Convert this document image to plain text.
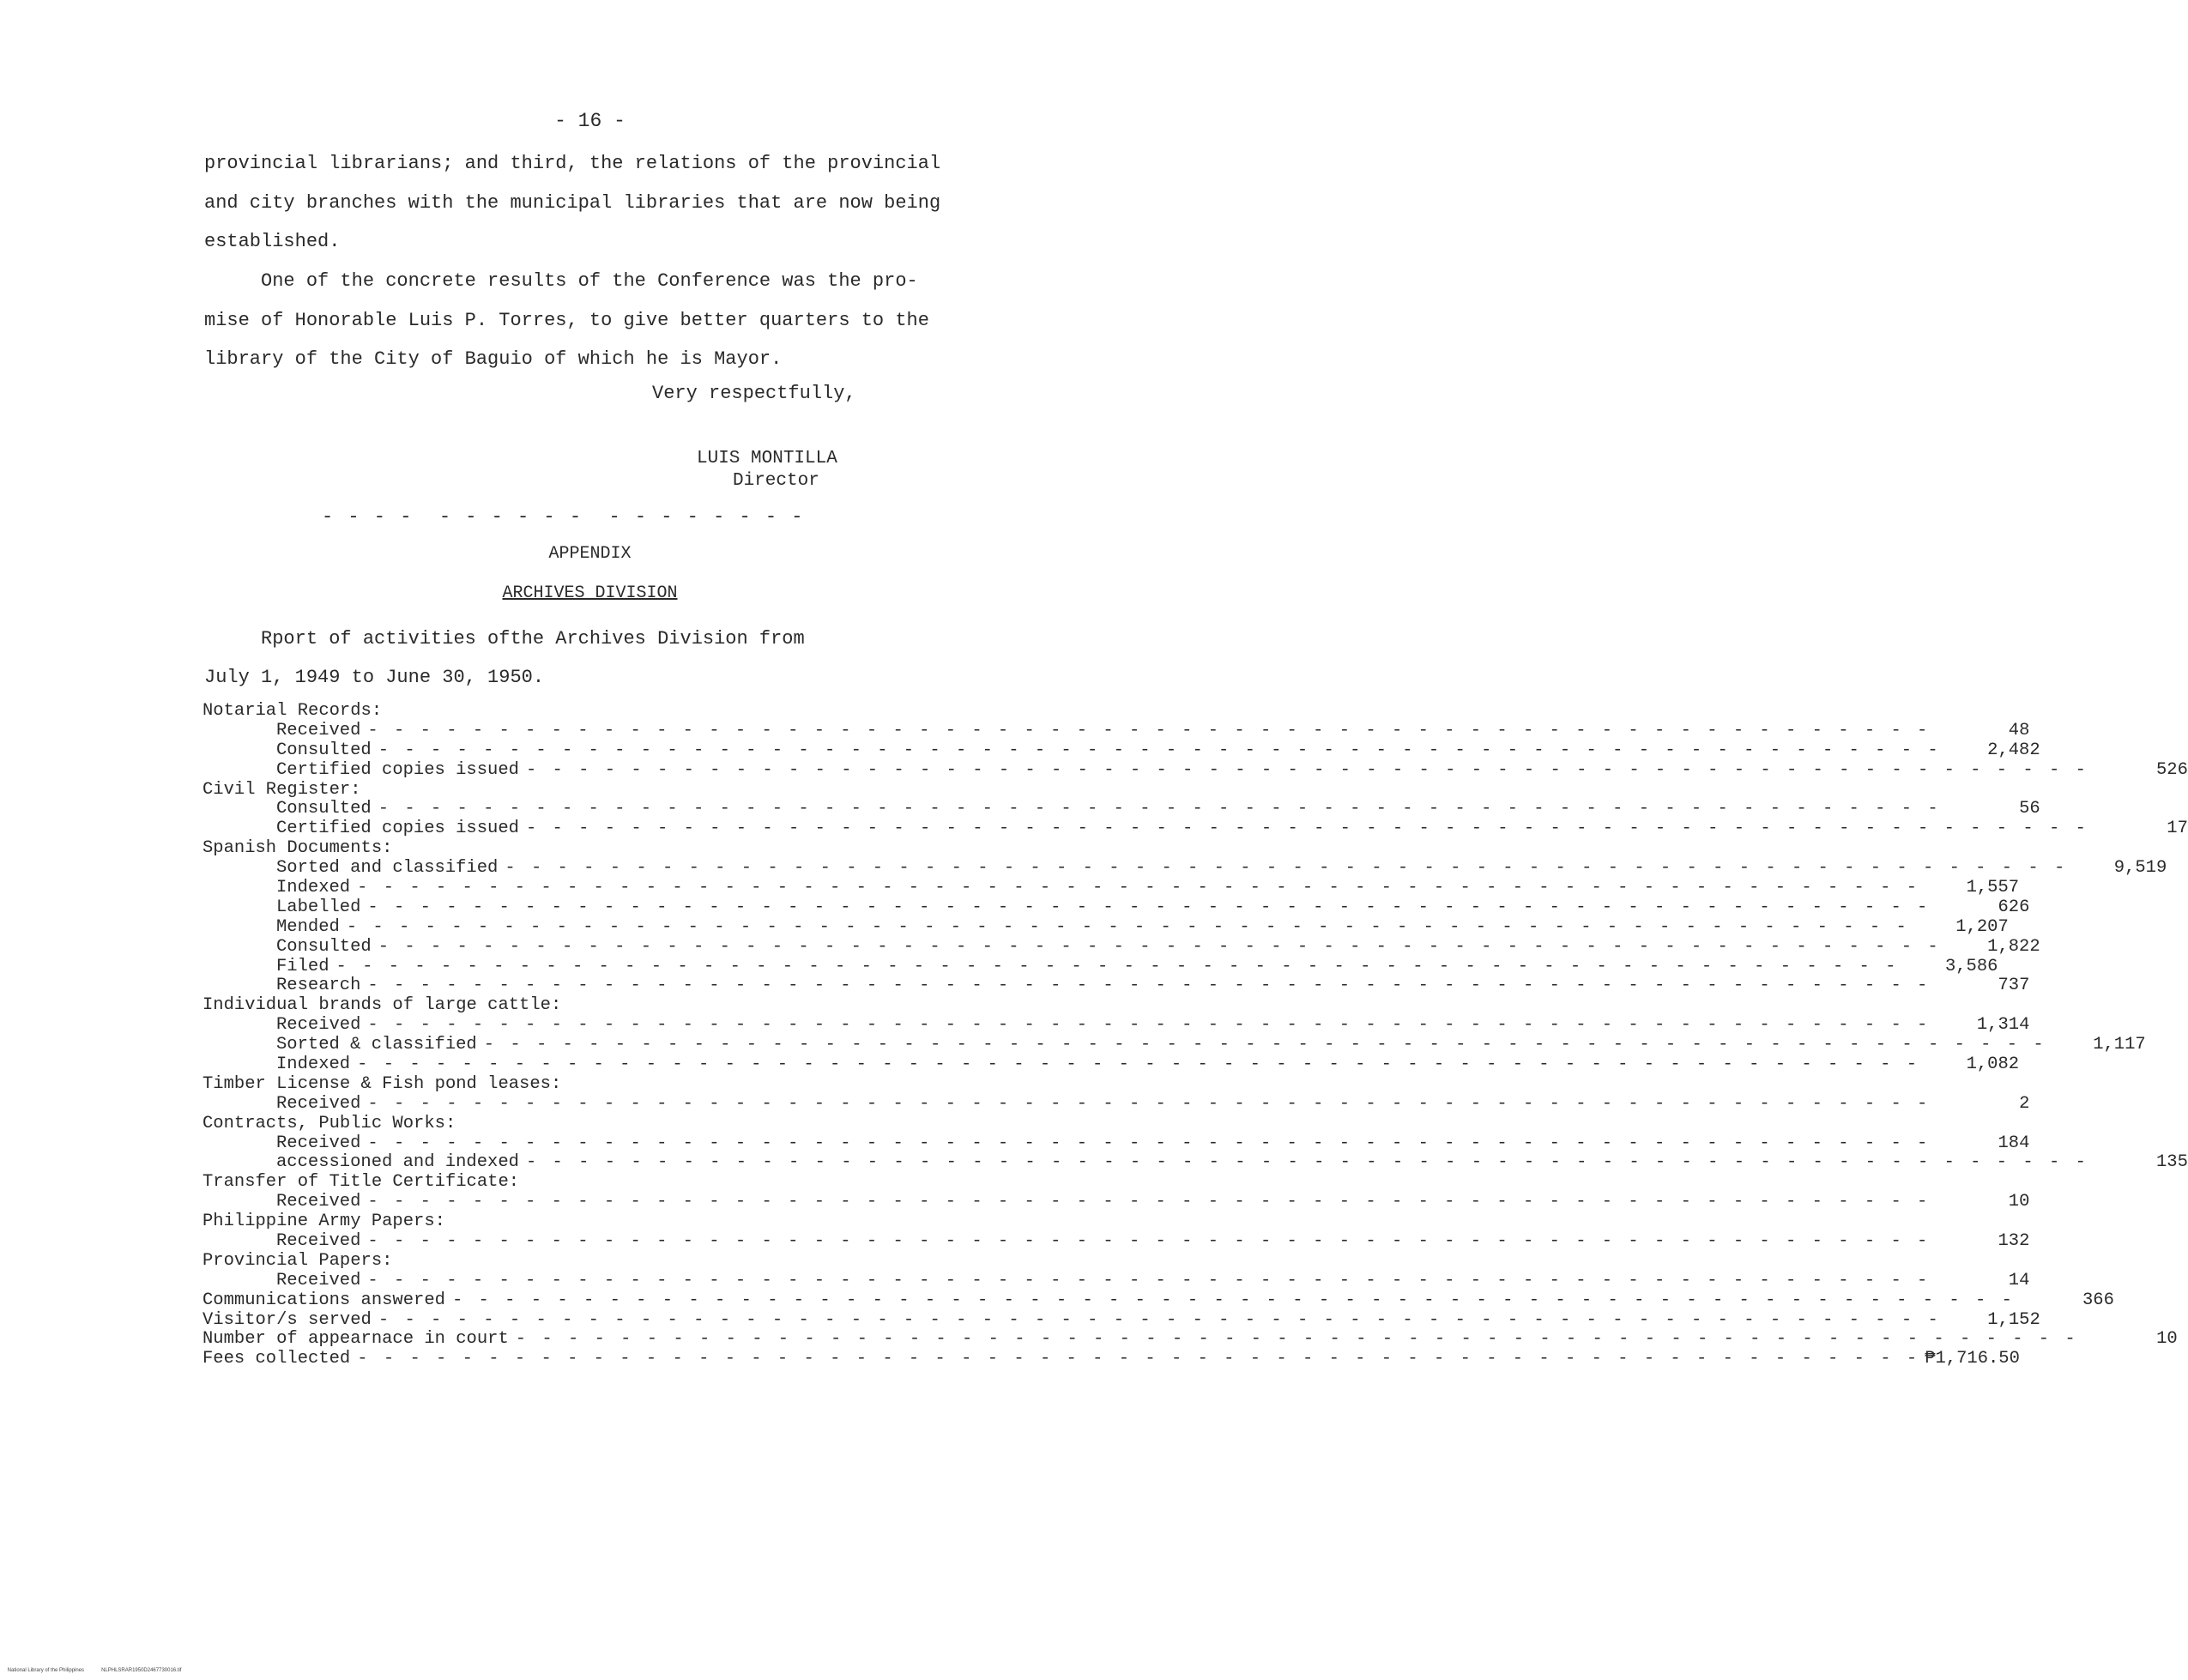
- 16 -
provincial librarians; and third, the relations of the provincial
and city branches with the municipal libraries that are now being
established.
One of the concrete results of the Conference was the pro-
mise of Honorable Luis P. Torres, to give better quarters to the
library of the City of Baguio of which he is Mayor.
Very respectfully,
LUIS MONTILLA
Director
- - - -  - - - - - -  - - - - - - - -
APPENDIX
ARCHIVES DIVISION
Rport of activities ofthe Archives Division from
July 1, 1949 to June 30, 1950.
Notarial Records:
Received - - - - - - - - - - - - - - - - - - - - - - - - - - - - - - - - - - - - - - - - - - - - - - - - - - - - - - - - - - - -	48
Consulted - - - - - - - - - - - - - - - - - - - - - - - - - - - - - - - - - - - - - - - - - - - - - - - - - - - - - - - - - - - -	2,482
Certified copies issued - - - - - - - - - - - - - - - - - - - - - - - - - - - - - - - - - - - - - - - - - - - - - - - - - - - - - - - - - - - -	526
Civil Register:
Consulted - - - - - - - - - - - - - - - - - - - - - - - - - - - - - - - - - - - - - - - - - - - - - - - - - - - - - - - - - - - -	56
Certified copies issued - - - - - - - - - - - - - - - - - - - - - - - - - - - - - - - - - - - - - - - - - - - - - - - - - - - - - - - - - - - -	17
Spanish Documents:
Sorted and classified - - - - - - - - - - - - - - - - - - - - - - - - - - - - - - - - - - - - - - - - - - - - - - - - - - - - - - - - - - - -	9,519
Indexed - - - - - - - - - - - - - - - - - - - - - - - - - - - - - - - - - - - - - - - - - - - - - - - - - - - - - - - - - - - -	1,557
Labelled - - - - - - - - - - - - - - - - - - - - - - - - - - - - - - - - - - - - - - - - - - - - - - - - - - - - - - - - - - - -	626
Mended - - - - - - - - - - - - - - - - - - - - - - - - - - - - - - - - - - - - - - - - - - - - - - - - - - - - - - - - - - - -	1,207
Consulted - - - - - - - - - - - - - - - - - - - - - - - - - - - - - - - - - - - - - - - - - - - - - - - - - - - - - - - - - - - -	1,822
Filed - - - - - - - - - - - - - - - - - - - - - - - - - - - - - - - - - - - - - - - - - - - - - - - - - - - - - - - - - - - -	3,586
Research - - - - - - - - - - - - - - - - - - - - - - - - - - - - - - - - - - - - - - - - - - - - - - - - - - - - - - - - - - - -	737
Individual brands of large cattle:
Received - - - - - - - - - - - - - - - - - - - - - - - - - - - - - - - - - - - - - - - - - - - - - - - - - - - - - - - - - - - -	1,314
Sorted & classified - - - - - - - - - - - - - - - - - - - - - - - - - - - - - - - - - - - - - - - - - - - - - - - - - - - - - - - - - - - -	1,117
Indexed - - - - - - - - - - - - - - - - - - - - - - - - - - - - - - - - - - - - - - - - - - - - - - - - - - - - - - - - - - - -	1,082
Timber License & Fish pond leases:
Received - - - - - - - - - - - - - - - - - - - - - - - - - - - - - - - - - - - - - - - - - - - - - - - - - - - - - - - - - - - -	2
Contracts, Public Works:
Received - - - - - - - - - - - - - - - - - - - - - - - - - - - - - - - - - - - - - - - - - - - - - - - - - - - - - - - - - - - -	184
accessioned and indexed - - - - - - - - - - - - - - - - - - - - - - - - - - - - - - - - - - - - - - - - - - - - - - - - - - - - - - - - - - - -	135
Transfer of Title Certificate:
Received - - - - - - - - - - - - - - - - - - - - - - - - - - - - - - - - - - - - - - - - - - - - - - - - - - - - - - - - - - - -	10
Philippine Army Papers:
Received - - - - - - - - - - - - - - - - - - - - - - - - - - - - - - - - - - - - - - - - - - - - - - - - - - - - - - - - - - - -	132
Provincial Papers:
Received - - - - - - - - - - - - - - - - - - - - - - - - - - - - - - - - - - - - - - - - - - - - - - - - - - - - - - - - - - - -	14
Communications answered - - - - - - - - - - - - - - - - - - - - - - - - - - - - - - - - - - - - - - - - - - - - - - - - - - - - - - - - - - - -	366
Visitor/s served - - - - - - - - - - - - - - - - - - - - - - - - - - - - - - - - - - - - - - - - - - - - - - - - - - - - - - - - - - - -	1,152
Number of appearnace in court - - - - - - - - - - - - - - - - - - - - - - - - - - - - - - - - - - - - - - - - - - - - - - - - - - - - - - - - - - - -	10
Fees collected - - - - - - - - - - - - - - - - - - - - - - - - - - - - - - - - - - - - - - - - - - - - - - - - - - - - - - - - - - - - ₱1,716.50

National Library of the Philippines	NLPHLSRAR1950D2467730016.tif
